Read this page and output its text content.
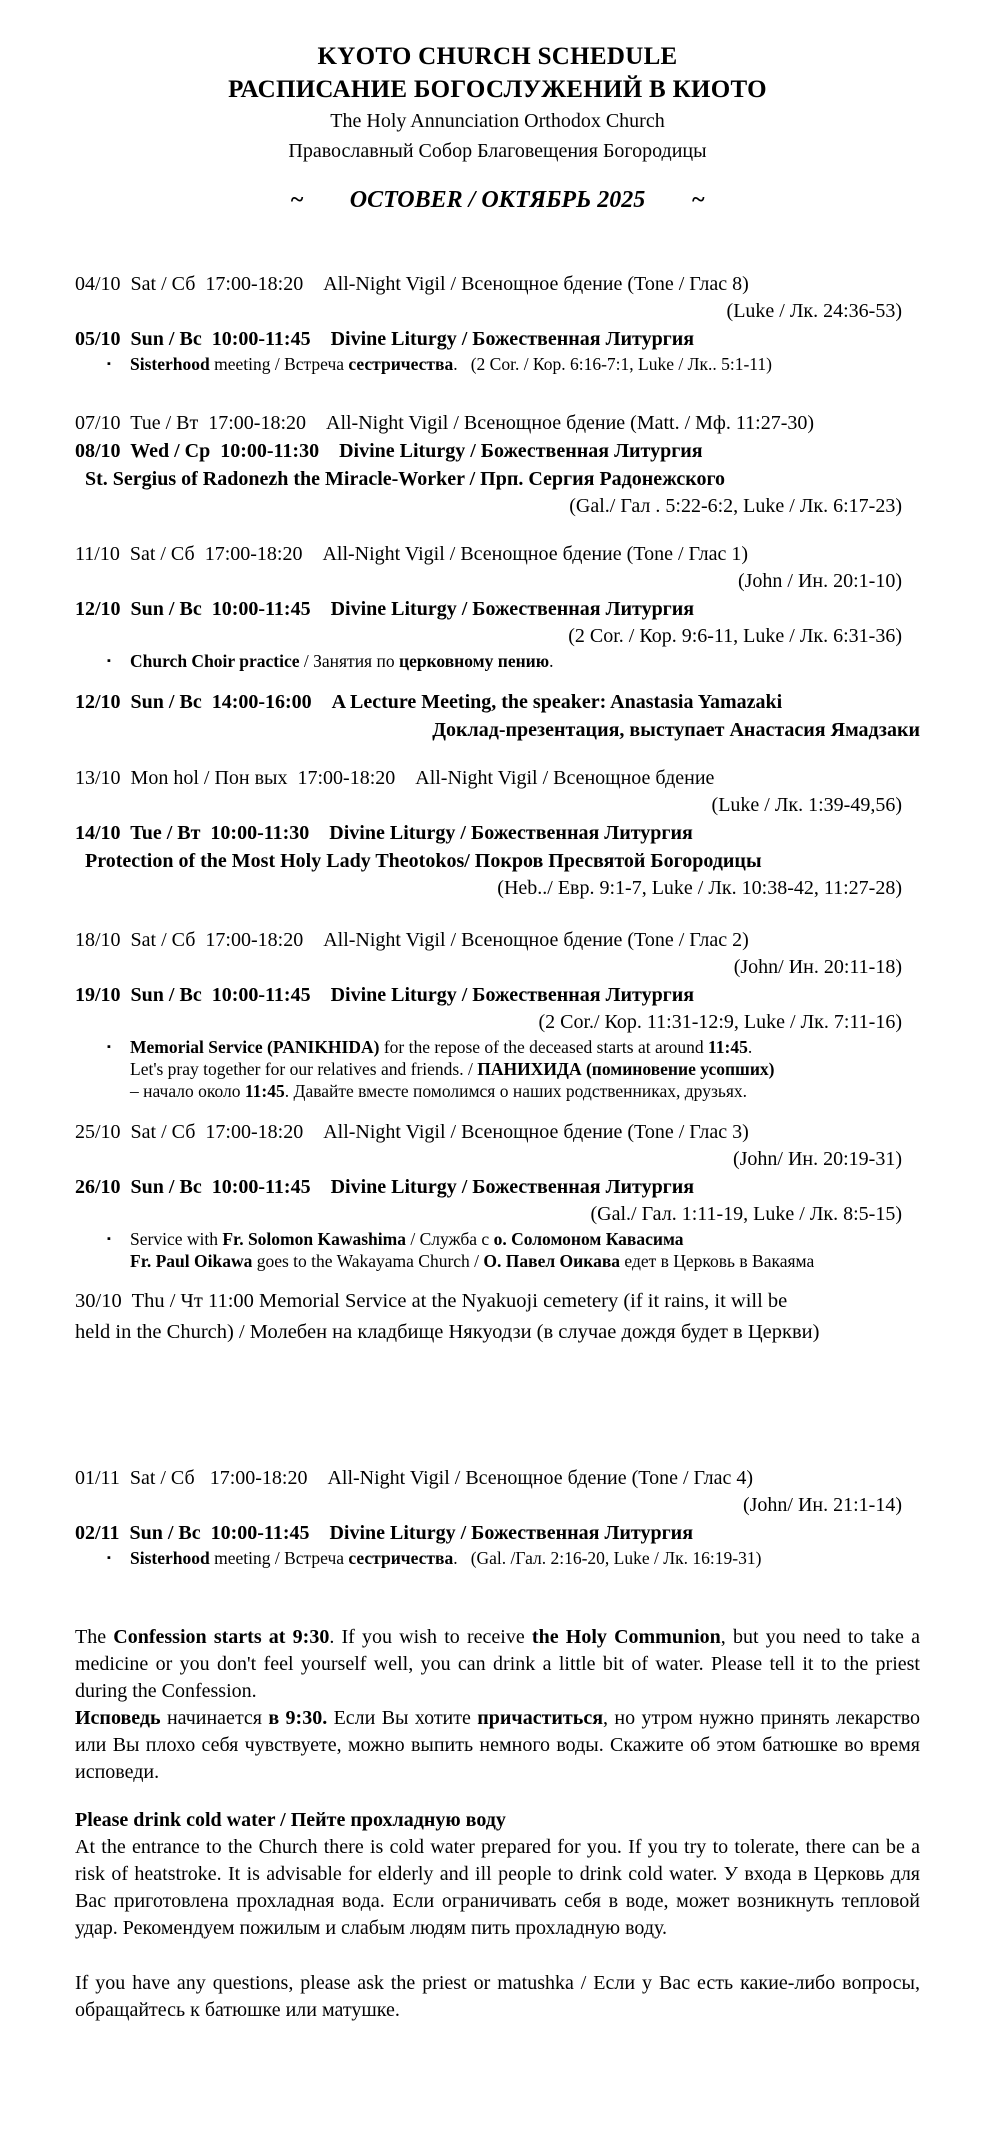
KYOTO CHURCH SCHEDULE
РАСПИСАНИЕ БОГОСЛУЖЕНИЙ В КИОТО
The Holy Annunciation Orthodox Church
Православный Собор Благовещения Богородицы
~ OCTOBER / ОКТЯБРЬ 2025 ~
04/10  Sat / Сб  17:00-18:20    All-Night Vigil / Всенощное бдение (Tone / Глас 8)
(Luke / Лк. 24:36-53)
05/10  Sun / Вс  10:00-11:45    Divine Liturgy / Божественная Литургия
▪ Sisterhood meeting / Встреча сестричества.   (2 Cor. / Кор. 6:16-7:1, Luke / Лк.. 5:1-11)
07/10  Tue / Вт  17:00-18:20    All-Night Vigil / Всенощное бдение (Matt. / Мф. 11:27-30)
08/10  Wed / Ср  10:00-11:30    Divine Liturgy / Божественная Литургия
St. Sergius of Radonezh the Miracle-Worker / Прп. Сергия Радонежского
(Gal./ Гал . 5:22-6:2, Luke / Лк. 6:17-23)
11/10  Sat / Сб  17:00-18:20    All-Night Vigil / Всенощное бдение (Tone / Глас 1)
(John / Ин. 20:1-10)
12/10  Sun / Вс  10:00-11:45    Divine Liturgy / Божественная Литургия
(2 Cor. / Кор. 9:6-11, Luke / Лк. 6:31-36)
▪ Church Choir practice / Занятия по церковному пению.
12/10  Sun / Вс  14:00-16:00    A Lecture Meeting, the speaker: Anastasia Yamazaki
Доклад-презентация, выступает Анастасия Ямадзаки
13/10  Mon hol / Пон вых  17:00-18:20    All-Night Vigil / Всенощное бдение
(Luke / Лк. 1:39-49,56)
14/10  Tue / Вт  10:00-11:30    Divine Liturgy / Божественная Литургия
Protection of the Most Holy Lady Theotokos/ Покров Пресвятой Богородицы
(Heb../ Евр. 9:1-7, Luke / Лк. 10:38-42, 11:27-28)
18/10  Sat / Сб  17:00-18:20    All-Night Vigil / Всенощное бдение (Tone / Глас 2)
(John/ Ин. 20:11-18)
19/10  Sun / Вс  10:00-11:45    Divine Liturgy / Божественная Литургия
(2 Cor./ Кор. 11:31-12:9, Luke / Лк. 7:11-16)
▪ Memorial Service (PANIKHIDA) for the repose of the deceased starts at around 11:45.
Let's pray together for our relatives and friends. / ПАНИХИДА (поминовение усопших)
– начало около 11:45. Давайте вместе помолимся о наших родственниках, друзьях.
25/10  Sat / Сб  17:00-18:20    All-Night Vigil / Всенощное бдение (Tone / Глас 3)
(John/ Ин. 20:19-31)
26/10  Sun / Вс  10:00-11:45    Divine Liturgy / Божественная Литургия
(Gal./ Гал. 1:11-19, Luke / Лк. 8:5-15)
▪ Service with Fr. Solomon Kawashima / Служба с о. Соломоном Кавасима
Fr. Paul Oikawa goes to the Wakayama Church / О. Павел Оикава едет в Церковь в Вакаяма
30/10  Thu / Чт 11:00 Memorial Service at the Nyakuoji cemetery (if it rains, it will be
held in the Church) / Молебен на кладбище Някуодзи (в случае дождя будет в Церкви)
01/11  Sat / Сб   17:00-18:20    All-Night Vigil / Всенощное бдение (Tone / Глас 4)
(John/ Ин. 21:1-14)
02/11  Sun / Вс  10:00-11:45    Divine Liturgy / Божественная Литургия
▪ Sisterhood meeting / Встреча сестричества.   (Gal. /Гал. 2:16-20, Luke / Лк. 16:19-31)
The Confession starts at 9:30. If you wish to receive the Holy Communion, but you need to take a medicine or you don't feel yourself well, you can drink a little bit of water. Please tell it to the priest during the Confession.
Исповедь начинается в 9:30. Если Вы хотите причаститься, но утром нужно принять лекарство или Вы плохо себя чувствуете, можно выпить немного воды. Скажите об этом батюшке во время исповеди.
Please drink cold water / Пейте прохладную воду
At the entrance to the Church there is cold water prepared for you. If you try to tolerate, there can be a risk of heatstroke. It is advisable for elderly and ill people to drink cold water. У входа в Церковь для Вас приготовлена прохладная вода. Если ограничивать себя в воде, может возникнуть тепловой удар. Рекомендуем пожилым и слабым людям пить прохладную воду.
If you have any questions, please ask the priest or matushka / Если у Вас есть какие-либо вопросы, обращайтесь к батюшке или матушке.
